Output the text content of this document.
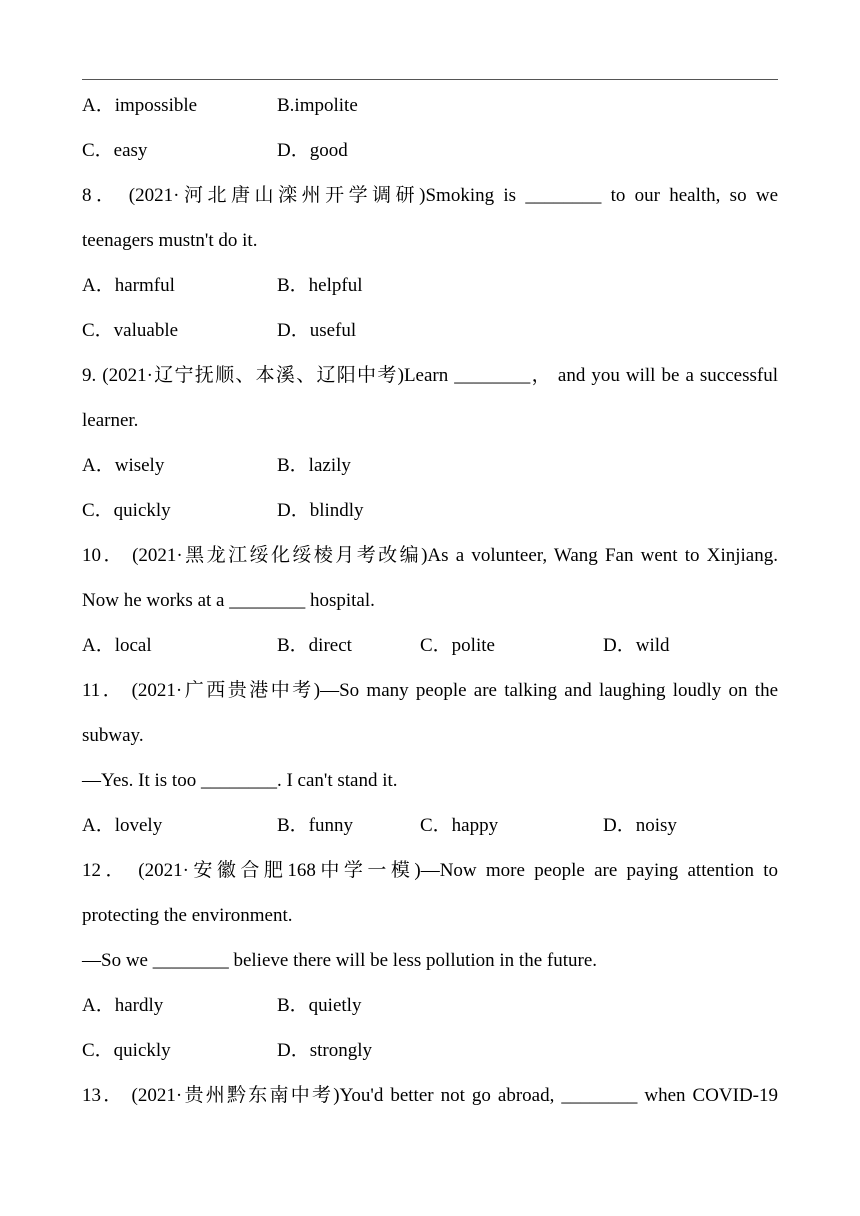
A．impossible	B.impolite
C．easy	D．good
8． (2021·河北唐山滦州开学调研)Smoking is ________ to our health, so we
teenagers mustn't do it.
A．harmful	B．helpful
C．valuable	D．useful
9. (2021·辽宁抚顺、本溪、辽阳中考)Learn ________， and you will be a successful
learner.
A．wisely	B．lazily
C．quickly	D．blindly
10． (2021·黑龙江绥化绥棱月考改编)As a volunteer, Wang Fan went to Xinjiang.
Now he works at a ________ hospital.
A．local	B．direct	C．polite	D．wild
11． (2021·广西贵港中考)—So many people are talking and laughing loudly on the
subway.
—Yes. It is too ________. I can't stand it.
A．lovely	B．funny	C．happy	D．noisy
12． (2021·安徽合肥168中学一模)—Now more people are paying attention to
protecting the environment.
—So we ________ believe there will be less pollution in the future.
A．hardly	B．quietly
C．quickly	D．strongly
13． (2021·贵州黔东南中考)You'd better not go abroad, ________ when COVID-19
